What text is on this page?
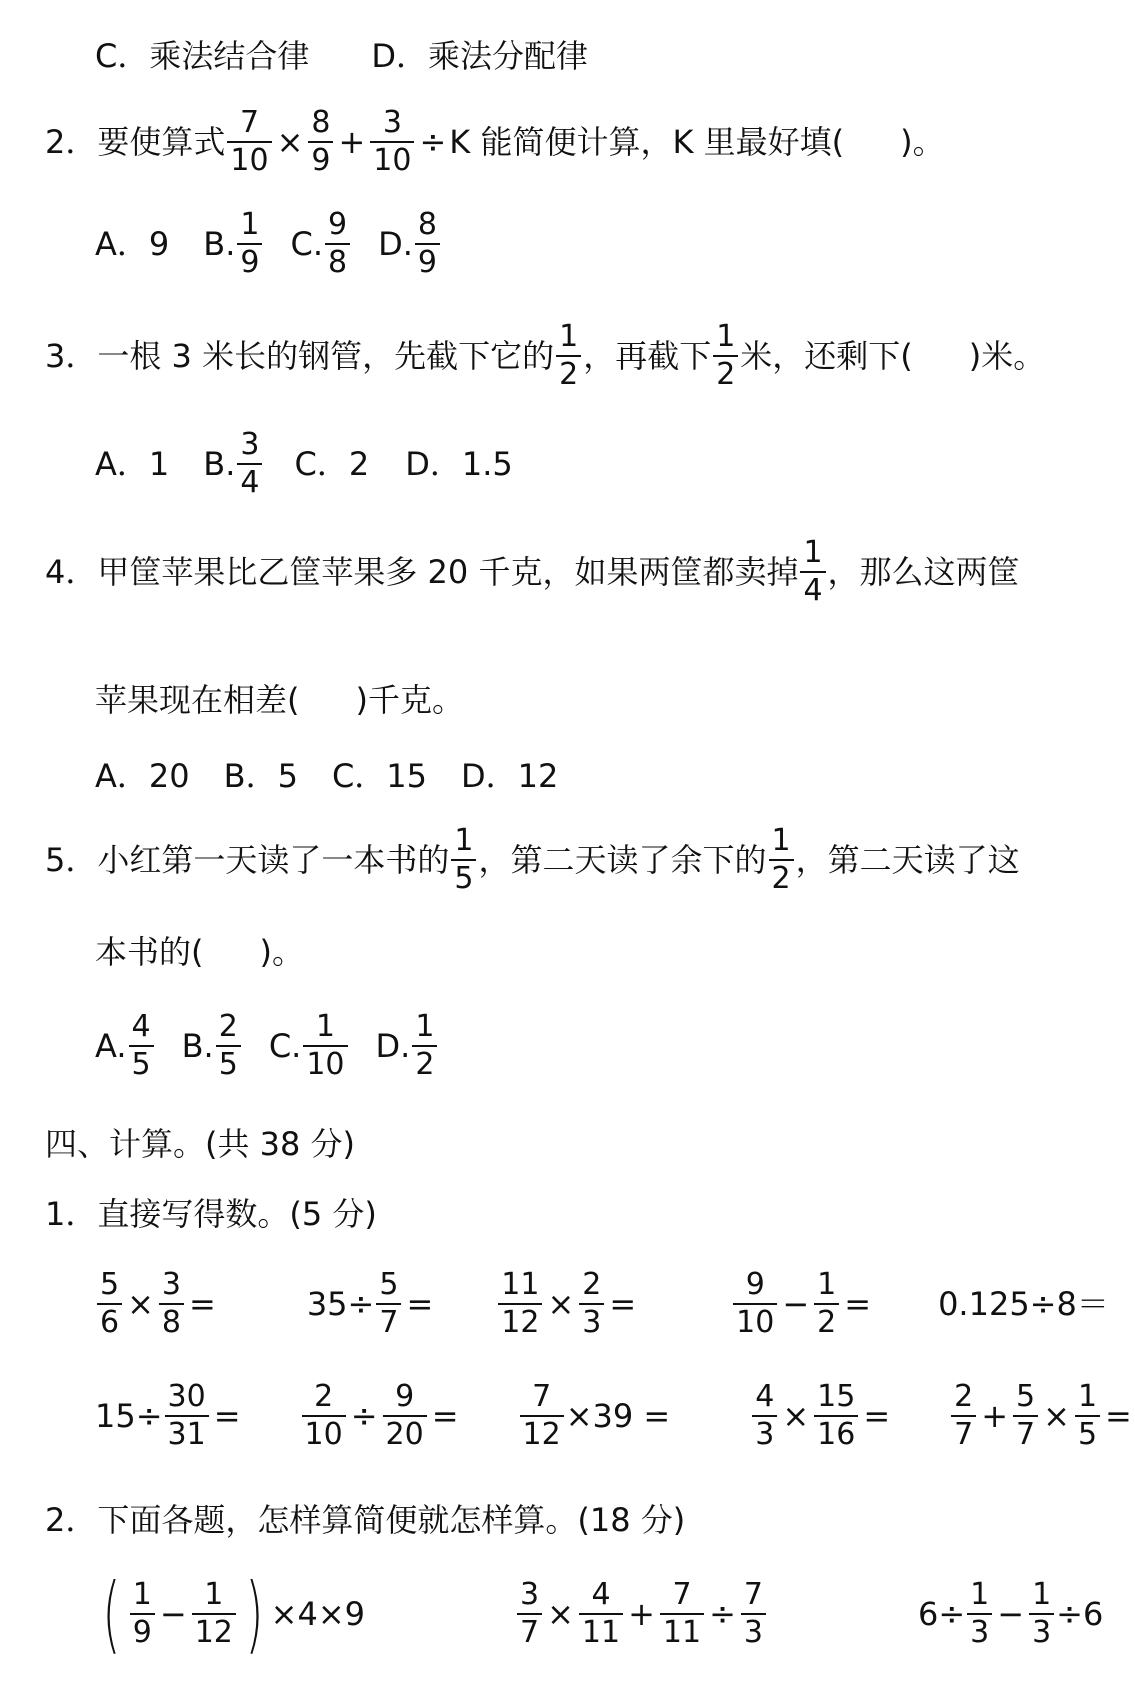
C．乘法结合律 D．乘法分配律
2． 要使算式 $\frac{7}{10} \times \frac{8}{9} + \frac{3}{10} \div K$ 能简便计算，K 里最好填( )。
A．9 B. $\frac{1}{9} C$. $\frac{9}{8} D$. $\frac{8}{9}$
3． 一根 3 米长的钢管，先截下它的 $\frac{1}{2}$ ，再截下 $\frac{1}{2}$ 米，还剩下( )米。
A．1 B. $\frac{3}{4}$ C．2 D．1.5
4． 甲筐苹果比乙筐苹果多 20 千克，如果两筐都卖掉 $\frac{1}{4}$ ，那么这两筐
苹果现在相差( )千克。
A．20 B．5 C．15 D．12
5． 小红第一天读了一本书的 $\frac{1}{5}$ ，第二天读了余下的 $\frac{1}{2}$ ，第二天读了这
本书的( )。
A. $\frac{4}{5} B$. $\frac{2}{5} C$. $\frac{1}{10} D$. $\frac{1}{2}$
四、计算。(共 38 分)
1．直接写得数。(5 分)
$\frac{5}{6} \times \frac{3}{8}$ =	$35\div \frac{5}{7} = \frac{11}{12} \times \frac{2}{3}$ =	$\frac{9}{10} - \frac{1}{2} = 0.125\div 8=$
$15\div \frac{30}{31} = \frac{2}{10} \div \frac{9}{20} = \frac{7}{12} \times 39$ =	$\frac{4}{3} \times \frac{15}{16} = \frac{2}{7} + \frac{5}{7} \times \frac{1}{5}$ =
2．下面各题，怎样算简便就怎样算。(18 分)
( $\frac{1}{9} - \frac{1}{12}$ ) ×4×9	$\frac{3}{7} \times \frac{4}{11} + \frac{7}{11} \div \frac{7}{3}$	$6\div \frac{1}{3} - \frac{1}{3} \div 6$
